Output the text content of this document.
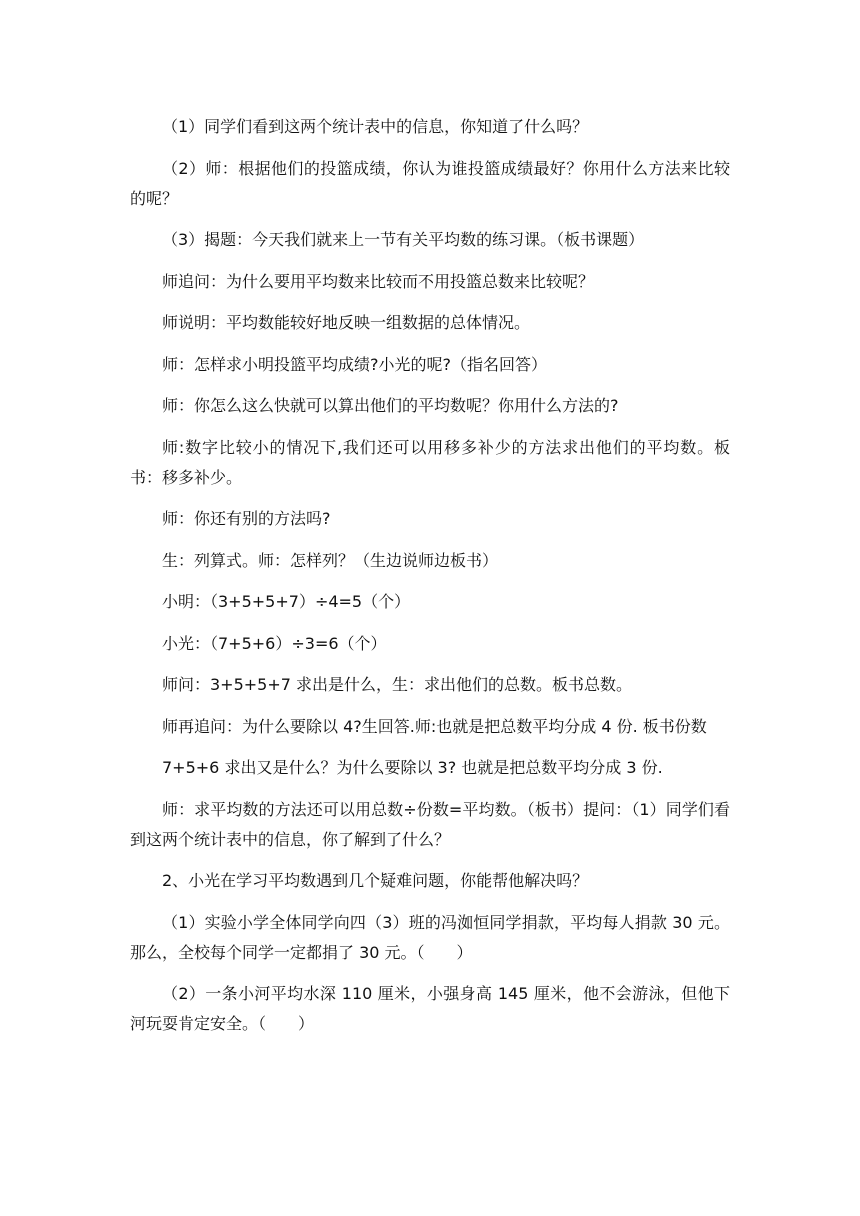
（1）同学们看到这两个统计表中的信息，你知道了什么吗？

（2）师：根据他们的投篮成绩，你认为谁投篮成绩最好？你用什么方法来比较的呢？

（3）揭题：今天我们就来上一节有关平均数的练习课。（板书课题）

师追问：为什么要用平均数来比较而不用投篮总数来比较呢？

师说明：平均数能较好地反映一组数据的总体情况。

师：怎样求小明投篮平均成绩?小光的呢?（指名回答）

师：你怎么这么快就可以算出他们的平均数呢？你用什么方法的?

师:数字比较小的情况下,我们还可以用移多补少的方法求出他们的平均数。板书：移多补少。

师：你还有别的方法吗?

生：列算式。师：怎样列？（生边说师边板书）

小明：（3+5+5+7）÷4=5（个）

小光：（7+5+6）÷3=6（个）

师问：3+5+5+7 求出是什么，生：求出他们的总数。板书总数。

师再追问：为什么要除以 4?生回答.师:也就是把总数平均分成 4 份. 板书份数

7+5+6 求出又是什么？为什么要除以 3? 也就是把总数平均分成 3 份.

师：求平均数的方法还可以用总数÷份数=平均数。（板书）提问：（1）同学们看到这两个统计表中的信息，你了解到了什么？

2、小光在学习平均数遇到几个疑难问题，你能帮他解决吗？

（1）实验小学全体同学向四（3）班的冯洳恒同学捐款，平均每人捐款 30 元。那么，全校每个同学一定都捐了 30 元。（　　）

（2）一条小河平均水深 110 厘米，小强身高 145 厘米，他不会游泳，但他下河玩耍肯定安全。（　　）
